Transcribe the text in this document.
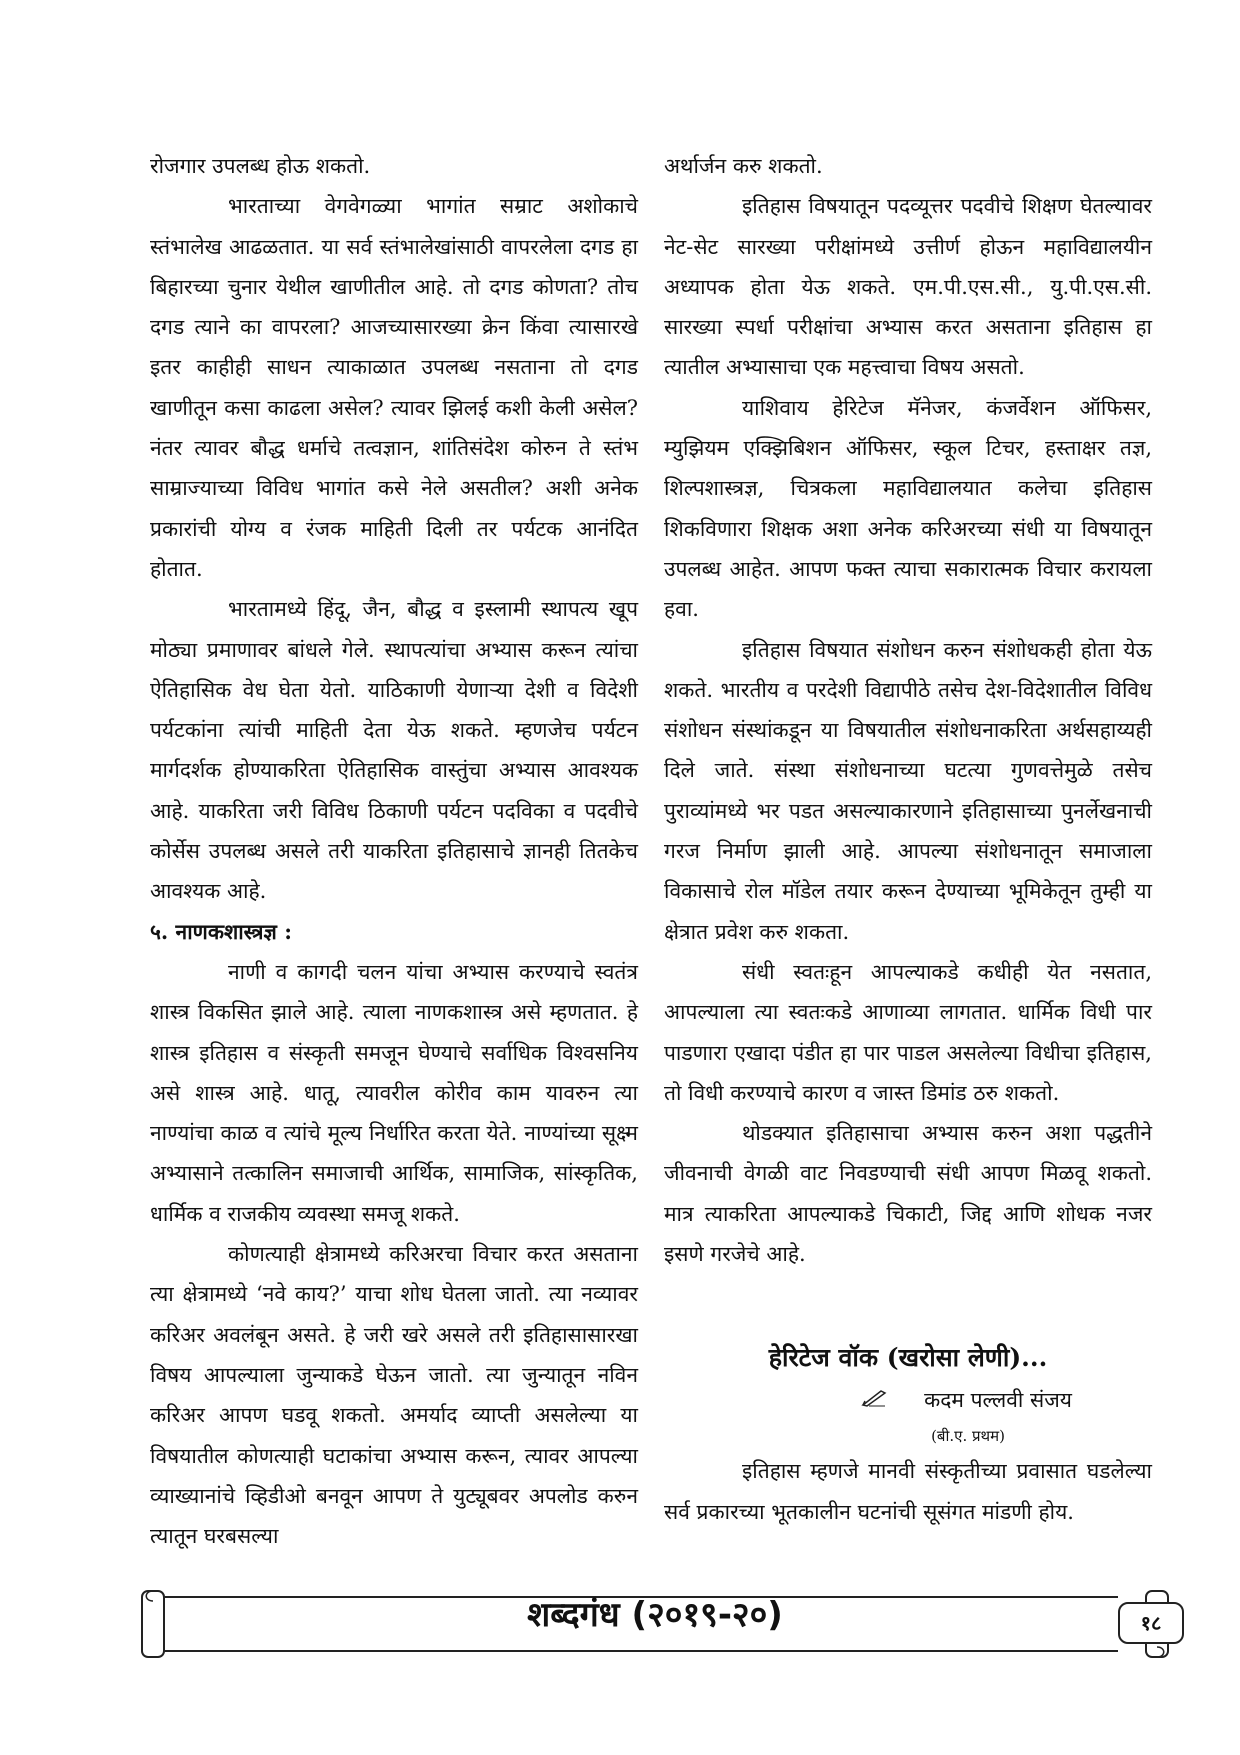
रोजगार उपलब्ध होऊ शकतो.

भारताच्या वेगवेगळ्या भागांत सम्राट अशोकाचे स्तंभालेख आढळतात. या सर्व स्तंभालेखांसाठी वापरलेला दगड हा बिहारच्या चुनार येथील खाणीतील आहे. तो दगड कोणता? तोच दगड त्याने का वापरला? आजच्यासारख्या क्रेन किंवा त्यासारखे इतर काहीही साधन त्याकाळात उपलब्ध नसताना तो दगड खाणीतून कसा काढला असेल? त्यावर झिलई कशी केली असेल? नंतर त्यावर बौद्ध धर्माचे तत्वज्ञान, शांतिसंदेश कोरुन ते स्तंभ साम्राज्याच्या विविध भागांत कसे नेले असतील? अशी अनेक प्रकारांची योग्य व रंजक माहिती दिली तर पर्यटक आनंदित होतात.

भारतामध्ये हिंदू, जैन, बौद्ध व इस्लामी स्थापत्य खूप मोठ्या प्रमाणावर बांधले गेले. स्थापत्यांचा अभ्यास करून त्यांचा ऐतिहासिक वेध घेता येतो. याठिकाणी येणाऱ्या देशी व विदेशी पर्यटकांना त्यांची माहिती देता येऊ शकते. म्हणजेच पर्यटन मार्गदर्शक होण्याकरिता ऐतिहासिक वास्तुंचा अभ्यास आवश्यक आहे. याकरिता जरी विविध ठिकाणी पर्यटन पदविका व पदवीचे कोर्सेस उपलब्ध असले तरी याकरिता इतिहासाचे ज्ञानही तितकेच आवश्यक आहे.

५. नाणकशास्त्रज्ञ :

नाणी व कागदी चलन यांचा अभ्यास करण्याचे स्वतंत्र शास्त्र विकसित झाले आहे. त्याला नाणकशास्त्र असे म्हणतात. हे शास्त्र इतिहास व संस्कृती समजून घेण्याचे सर्वाधिक विश्वसनिय असे शास्त्र आहे. धातू, त्यावरील कोरीव काम यावरुन त्या नाण्यांचा काळ व त्यांचे मूल्य निर्धारित करता येते. नाण्यांच्या सूक्ष्म अभ्यासाने तत्कालिन समाजाची आर्थिक, सामाजिक, सांस्कृतिक, धार्मिक व राजकीय व्यवस्था समजू शकते.

कोणत्याही क्षेत्रामध्ये करिअरचा विचार करत असताना त्या क्षेत्रामध्ये ‘नवे काय?’ याचा शोध घेतला जातो. त्या नव्यावर करिअर अवलंबून असते. हे जरी खरे असले तरी इतिहासासारखा विषय आपल्याला जुन्याकडे घेऊन जातो. त्या जुन्यातून नविन करिअर आपण घडवू शकतो. अमर्याद व्याप्ती असलेल्या या विषयातील कोणत्याही घटाकांचा अभ्यास करून, त्यावर आपल्या व्याख्यानांचे व्हिडीओ बनवून आपण ते युट्यूबवर अपलोड करुन त्यातून घरबसल्या

अर्थार्जन करु शकतो.

इतिहास विषयातून पदव्यूत्तर पदवीचे शिक्षण घेतल्यावर नेट-सेट सारख्या परीक्षांमध्ये उत्तीर्ण होऊन महाविद्यालयीन अध्यापक होता येऊ शकते. एम.पी.एस.सी., यु.पी.एस.सी. सारख्या स्पर्धा परीक्षांचा अभ्यास करत असताना इतिहास हा त्यातील अभ्यासाचा एक महत्त्वाचा विषय असतो.

याशिवाय हेरिटेज मॅनेजर, कंजर्वेशन ऑफिसर, म्युझियम एक्झिबिशन ऑफिसर, स्कूल टिचर, हस्ताक्षर तज्ञ, शिल्पशास्त्रज्ञ, चित्रकला महाविद्यालयात कलेचा इतिहास शिकविणारा शिक्षक अशा अनेक करिअरच्या संधी या विषयातून उपलब्ध आहेत. आपण फक्त त्याचा सकारात्मक विचार करायला हवा.

इतिहास विषयात संशोधन करुन संशोधकही होता येऊ शकते. भारतीय व परदेशी विद्यापीठे तसेच देश-विदेशातील विविध संशोधन संस्थांकडून या विषयातील संशोधनाकरिता अर्थसहाय्यही दिले जाते. संस्था संशोधनाच्या घटत्या गुणवत्तेमुळे तसेच पुराव्यांमध्ये भर पडत असल्याकारणाने इतिहासाच्या पुनर्लेखनाची गरज निर्माण झाली आहे. आपल्या संशोधनातून समाजाला विकासाचे रोल मॉडेल तयार करून देण्याच्या भूमिकेतून तुम्ही या क्षेत्रात प्रवेश करु शकता.

संधी स्वतःहून आपल्याकडे कधीही येत नसतात, आपल्याला त्या स्वतःकडे आणाव्या लागतात. धार्मिक विधी पार पाडणारा एखादा पंडीत हा पार पाडल असलेल्या विधीचा इतिहास, तो विधी करण्याचे कारण व जास्त डिमांड ठरु शकतो.

थोडक्यात इतिहासाचा अभ्यास करुन अशा पद्धतीने जीवनाची वेगळी वाट निवडण्याची संधी आपण मिळवू शकतो. मात्र त्याकरिता आपल्याकडे चिकाटी, जिद्द आणि शोधक नजर इसणे गरजेचे आहे.

हेरिटेज वॉक (खरोसा लेणी)...
कदम पल्लवी संजय
(बी.ए. प्रथम)

इतिहास म्हणजे मानवी संस्कृतीच्या प्रवासात घडलेल्या सर्व प्रकारच्या भूतकालीन घटनांची सूसंगत मांडणी होय.

शब्दगंध (२०१९-२०)	१८
